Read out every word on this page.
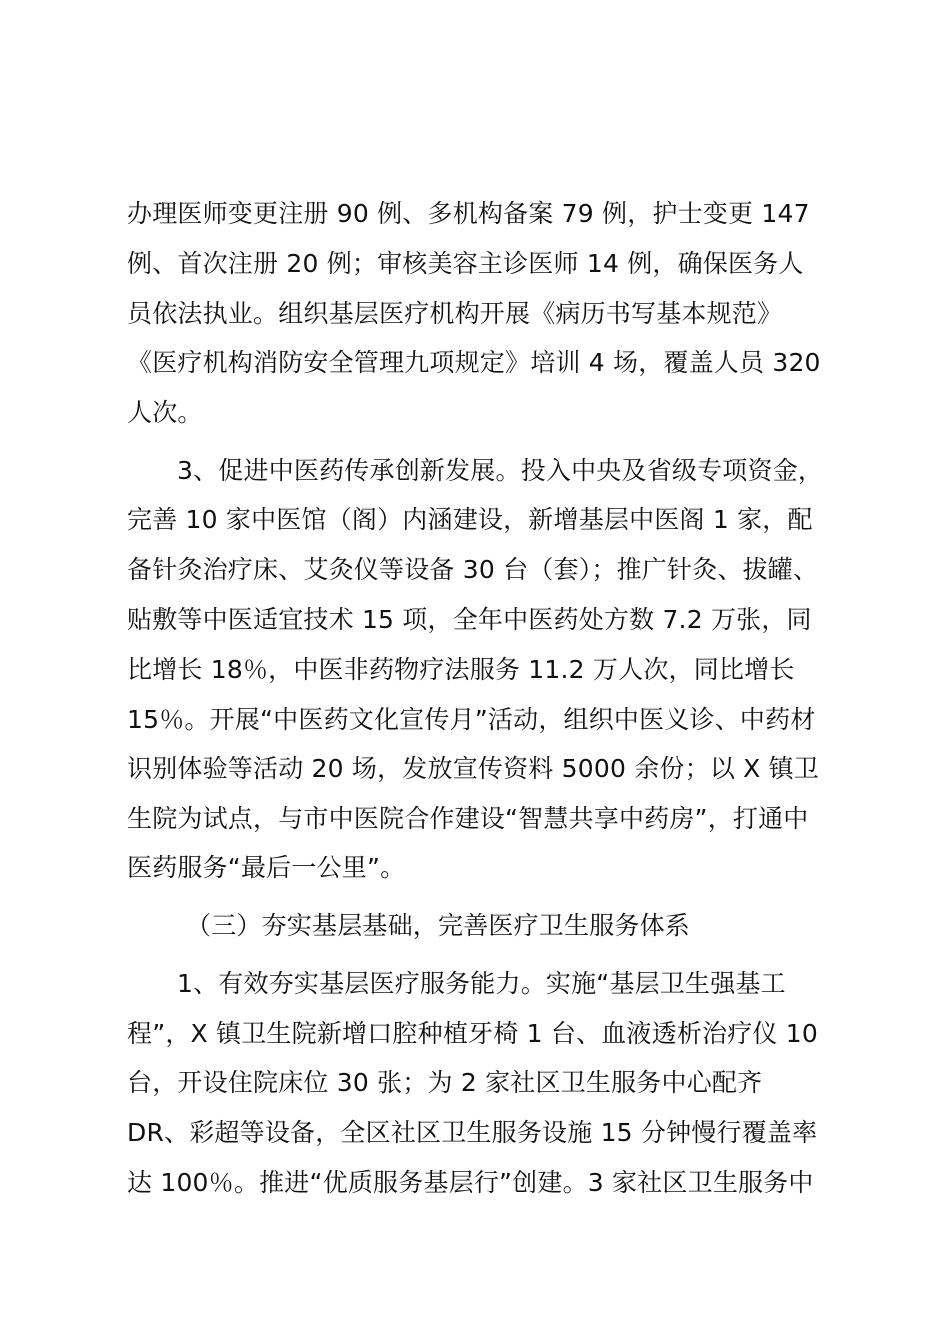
办理医师变更注册 90 例、多机构备案 79 例，护士变更 147
例、首次注册 20 例；审核美容主诊医师 14 例，确保医务人
员依法执业。组织基层医疗机构开展《病历书写基本规范》
《医疗机构消防安全管理九项规定》培训 4 场，覆盖人员 320
人次。
3、促进中医药传承创新发展。投入中央及省级专项资金，
完善 10 家中医馆（阁）内涵建设，新增基层中医阁 1 家，配
备针灸治疗床、艾灸仪等设备 30 台（套）；推广针灸、拔罐、
贴敷等中医适宜技术 15 项，全年中医药处方数 7.2 万张，同
比增长 18％，中医非药物疗法服务 11.2 万人次，同比增长
15％。开展“中医药文化宣传月”活动，组织中医义诊、中药材
识别体验等活动 20 场，发放宣传资料 5000 余份；以 X 镇卫
生院为试点，与市中医院合作建设“智慧共享中药房”，打通中
医药服务“最后一公里”。
（三）夯实基层基础，完善医疗卫生服务体系
1、有效夯实基层医疗服务能力。实施“基层卫生强基工
程”，X 镇卫生院新增口腔种植牙椅 1 台、血液透析治疗仪 10
台，开设住院床位 30 张；为 2 家社区卫生服务中心配齐
DR、彩超等设备，全区社区卫生服务设施 15 分钟慢行覆盖率
达 100％。推进“优质服务基层行”创建。3 家社区卫生服务中
